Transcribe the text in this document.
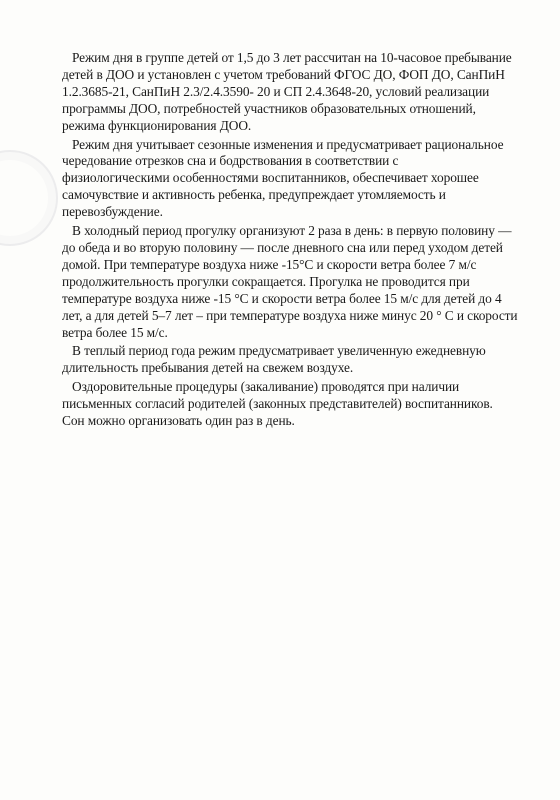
Режим дня в группе детей от 1,5 до 3 лет рассчитан на 10-часовое пребывание
детей в ДОО и установлен с учетом требований ФГОС ДО, ФОП ДО, СанПиН
1.2.3685-21, СанПиН 2.3/2.4.3590- 20 и СП 2.4.3648-20, условий реализации
программы ДОО, потребностей участников образовательных отношений,
режима функционирования ДОО.

Режим дня учитывает сезонные изменения и предусматривает рациональное
чередование отрезков сна и бодрствования в соответствии с
физиологическими особенностями воспитанников, обеспечивает хорошее
самочувствие и активность ребенка, предупреждает утомляемость и
перевозбуждение.

В холодный период прогулку организуют 2 раза в день: в первую половину —
до обеда и во вторую половину — после дневного сна или перед уходом детей
домой. При температуре воздуха ниже -15°С и скорости ветра более 7 м/с
продолжительность прогулки сокращается. Прогулка не проводится при
температуре воздуха ниже -15 °С и скорости ветра более 15 м/с для детей до 4
лет, а для детей 5–7 лет – при температуре воздуха ниже минус 20 ° С и скорости
ветра более 15 м/с.

В теплый период года режим предусматривает увеличенную ежедневную
длительность пребывания детей на свежем воздухе.

Оздоровительные процедуры (закаливание) проводятся при наличии
письменных согласий родителей (законных представителей) воспитанников.
Сон можно организовать один раз в день.
